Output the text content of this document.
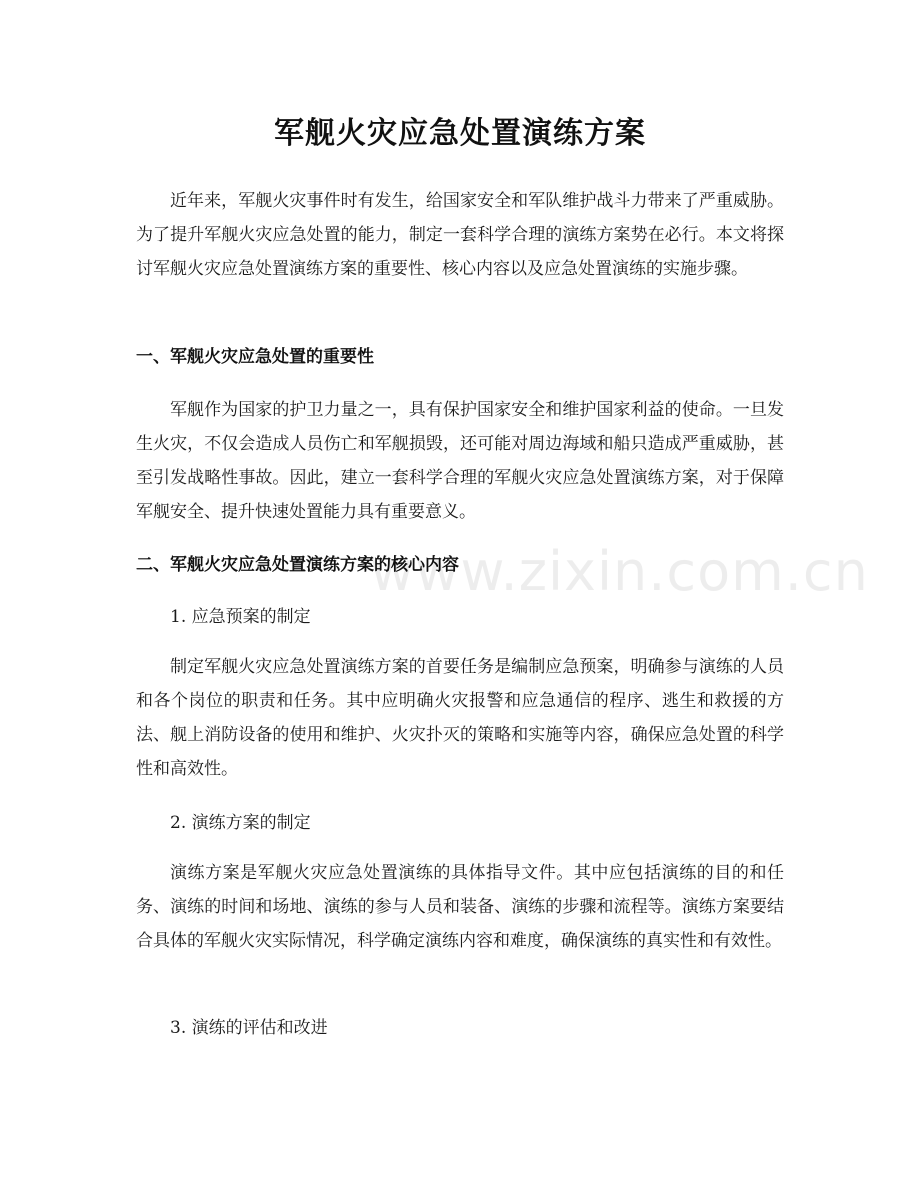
军舰火灾应急处置演练方案

近年来，军舰火灾事件时有发生，给国家安全和军队维护战斗力带来了严重威胁。为了提升军舰火灾应急处置的能力，制定一套科学合理的演练方案势在必行。本文将探讨军舰火灾应急处置演练方案的重要性、核心内容以及应急处置演练的实施步骤。

一、军舰火灾应急处置的重要性

军舰作为国家的护卫力量之一，具有保护国家安全和维护国家利益的使命。一旦发生火灾，不仅会造成人员伤亡和军舰损毁，还可能对周边海域和船只造成严重威胁，甚至引发战略性事故。因此，建立一套科学合理的军舰火灾应急处置演练方案，对于保障军舰安全、提升快速处置能力具有重要意义。

二、军舰火灾应急处置演练方案的核心内容

1. 应急预案的制定

制定军舰火灾应急处置演练方案的首要任务是编制应急预案，明确参与演练的人员和各个岗位的职责和任务。其中应明确火灾报警和应急通信的程序、逃生和救援的方法、舰上消防设备的使用和维护、火灾扑灭的策略和实施等内容，确保应急处置的科学性和高效性。

2. 演练方案的制定

演练方案是军舰火灾应急处置演练的具体指导文件。其中应包括演练的目的和任务、演练的时间和场地、演练的参与人员和装备、演练的步骤和流程等。演练方案要结合具体的军舰火灾实际情况，科学确定演练内容和难度，确保演练的真实性和有效性。

3. 演练的评估和改进

www.zixin.com.cn
